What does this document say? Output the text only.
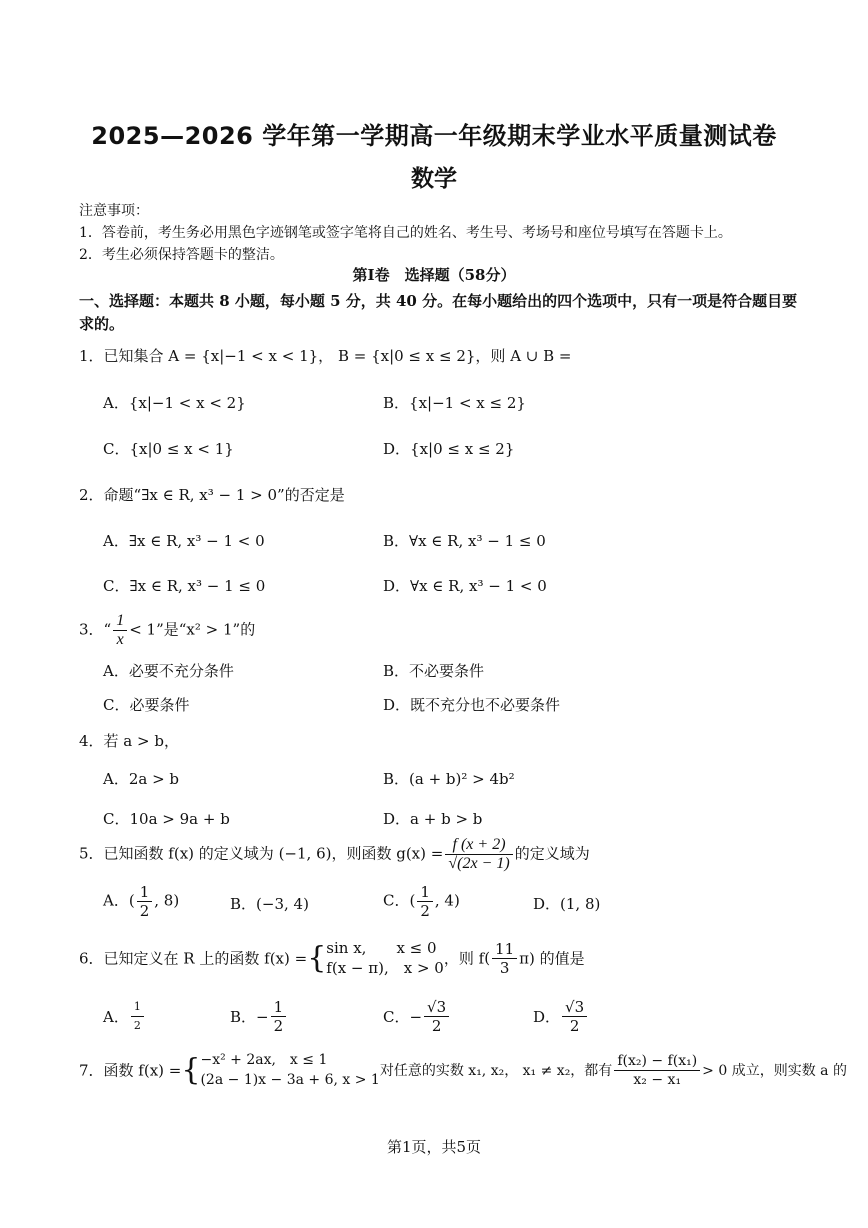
2025—2026 学年第一学期高一年级期末学业水平质量测试卷
数学
注意事项：
1．答卷前，考生务必用黑色字迹钢笔或签字笔将自己的姓名、考生号、考场号和座位号填写在答题卡上。
2．考生必须保持答题卡的整洁。
第Ⅰ卷　选择题（58分）
一、选择题：本题共 8 小题，每小题 5 分，共 40 分。在每小题给出的四个选项中，只有一项是符合题目要
求的。
1．已知集合 A = {x|−1 < x < 1}， B = {x|0 ≤ x ≤ 2}，则 A ∪ B =
A．{x|−1 < x < 2}	B．{x|−1 < x ≤ 2}
C．{x|0 ≤ x < 1}	D．{x|0 ≤ x ≤ 2}
2．命题“∃x ∈ R, x³ − 1 > 0”的否定是
A．∃x ∈ R, x³ − 1 < 0	B．∀x ∈ R, x³ − 1 ≤ 0
C．∃x ∈ R, x³ − 1 ≤ 0	D．∀x ∈ R, x³ − 1 < 0
3．“ $\frac{1}{x} < 1$”是“x² > 1”的
A．必要不充分条件	B．不必要条件
C．必要条件	D．既不充分也不必要条件
4．若 a > b，
A．2a > b	B．(a + b)² > 4b²
C．10a > 9a + b	D．a + b > b
5．已知函数 f(x) 的定义域为 (−1, 6)，则函数 $g(x) = \frac{f (x + 2)}{√(2x - 1)}$ 的定义域为
A．( $\frac{1}{2}$ , 8)	B．(−3, 4)	C．( $\frac{1}{2}$ , 4)	D．(1, 8)
6．已知定义在 R 上的函数 f(x) ={ sin x,　　x ≤ 0
f(x − π),　x > 0
，则 $f( \frac{11}{3} \pi)$ 的值是
A． $\frac{1}{2}$	B．− $\frac{1}{2}$	C．− $\frac{√3}{2}$	D． $\frac{√3}{2}$
7．函数 f(x) ={ −x² + 2ax,　x ≤ 1
(2a − 1)x − 3a + 6, x > 1
对任意的实数 x₁, x₂， x₁ ≠ x₂，都有 $\frac{\text{f(x₂) − f(x₁)}}{\text{x₂ − x₁}} > 0$ 成立，则实数 a 的
第1页，共5页
